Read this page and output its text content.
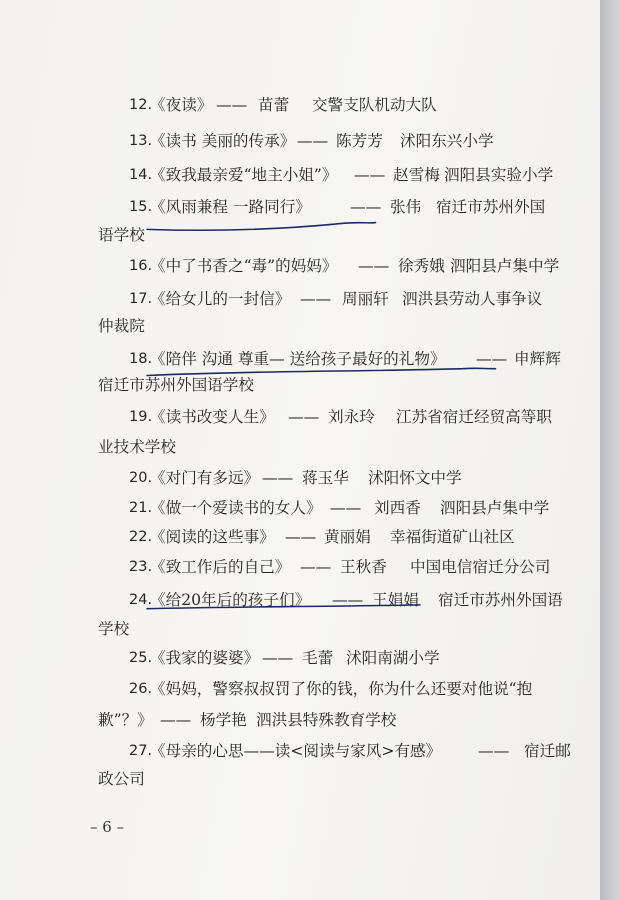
12.
《夜读》 —— 苗蕾 交警支队机动大队
13.
《读书 美丽的传承》 —— 陈芳芳 沭阳东兴小学
14.
《致我最亲爱“地主小姐”》 —— 赵雪梅 泗阳县实验小学
15.
《风雨兼程 一路同行》	—— 张伟 宿迁市苏州外国
语学校
16.
《中了书香之“毒”的妈妈》 —— 徐秀娥 泗阳县卢集中学
17.
《给女儿的一封信》 —— 周丽轩 泗洪县劳动人事争议
仲裁院
18.
《陪伴 沟通 尊重— 送给孩子最好的礼物》 —— 申辉辉
宿迁市苏州外国语学校
19.
《读书改变人生》 —— 刘永玲 江苏省宿迁经贸高等职
业技术学校
20.
《对门有多远》 —— 蒋玉华 沭阳怀文中学
21.
《做一个爱读书的女人》 —— 刘西香 泗阳县卢集中学
22.
《阅读的这些事》 —— 黄丽娟 幸福街道矿山社区
23.
《致工作后的自己》 —— 王秋香 中国电信宿迁分公司
24.
《给20年后的孩子们》 —— 王娟娟 宿迁市苏州外国语
学校
25.
《我家的婆婆》 —— 毛蕾 沭阳南湖小学
26.
《妈妈，警察叔叔罚了你的钱，你为什么还要对他说“抱
歉”？》 —— 杨学艳 泗洪县特殊教育学校
27.
《母亲的心思——读<阅读与家风>有感》 —— 宿迁邮
政公司
– 6 –
